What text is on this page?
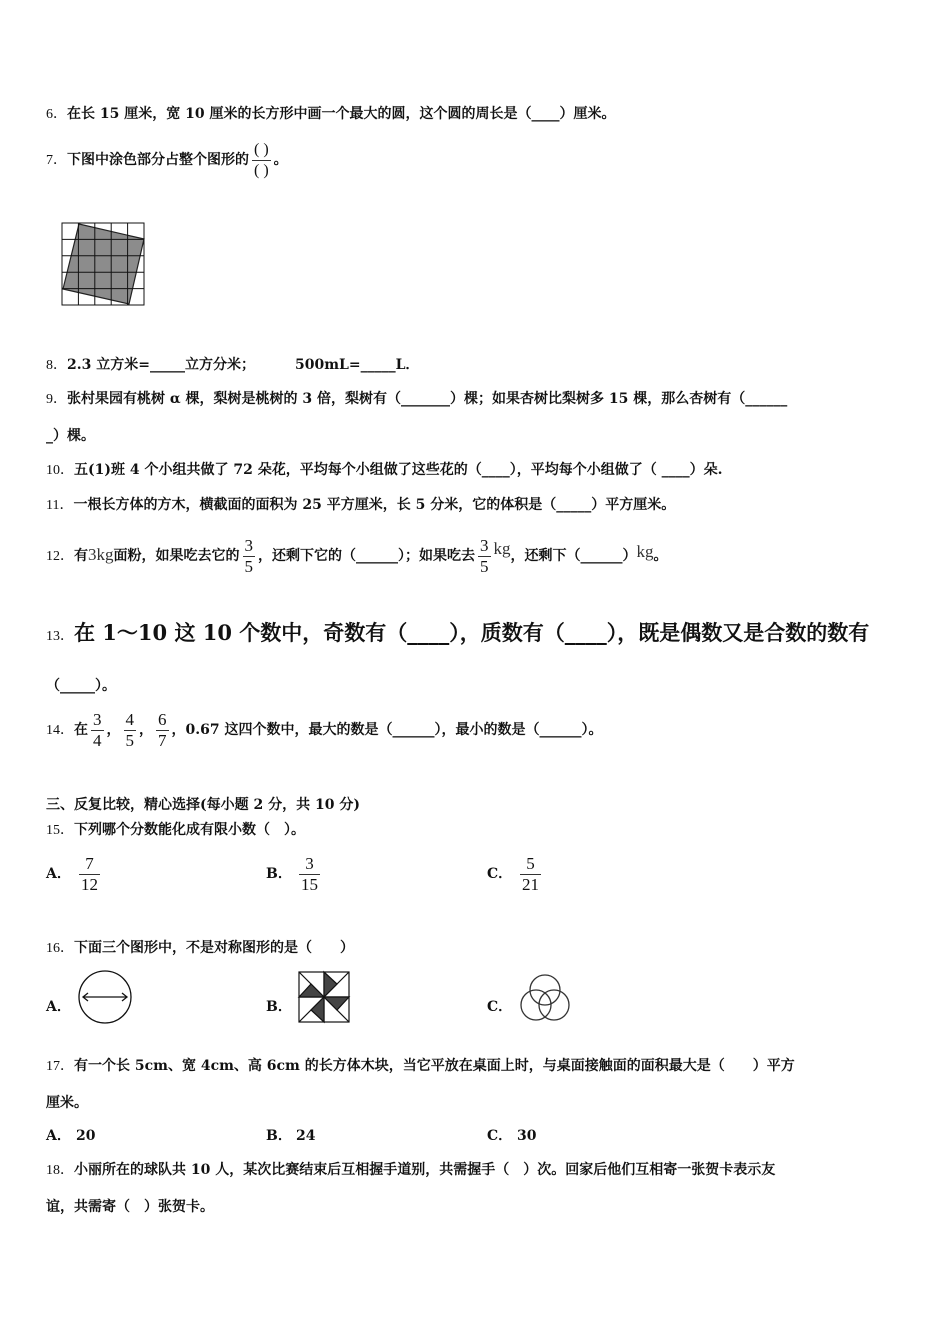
6．在长 15 厘米，宽 10 厘米的长方形中画一个最大的圆，这个圆的周长是（____）厘米。
7．下图中涂色部分占整个图形的 $\frac{( )}{( )}$ 。
8．2.3 立方米=_____立方分米；	500mL=_____L．
9．张村果园有桃树 α 棵，梨树是桃树的 3 倍，梨树有（_______）棵；如果杏树比梨树多 15 棵，那么杏树有（______
_）棵。
10．五(1)班 4 个小组共做了 72 朵花，平均每个小组做了这些花的（____），平均每个小组做了（ ____）朵.
11．一根长方体的方木，横截面的面积为 25 平方厘米，长 5 分米，它的体积是（_____）平方厘米。
12．有3kg面粉，如果吃去它的 $\frac{3}{5}$ ，还剩下它的（______）；如果吃去 $\frac{3}{5}$ kg，还剩下（______）kg。
13．在 1～10 这 10 个数中，奇数有（____），质数有（____），既是偶数又是合数的数有
（_____）。
14．在 $\frac{3}{4}$ ， $\frac{4}{5}$ ， $\frac{6}{7}$ ，0.67 这四个数中，最大的数是（______），最小的数是（______）。
三、反复比较，精心选择(每小题 2 分，共 10 分)
15．下列哪个分数能化成有限小数（　）。
A． $\frac{7}{12}$	B． $\frac{3}{15}$	C． $\frac{5}{21}$
16．下面三个图形中，不是对称图形的是（　　）
A．	B．	C．
17．有一个长 5cm、宽 4cm、高 6cm 的长方体木块，当它平放在桌面上时，与桌面接触面的面积最大是（　　）平方
厘米。
A． 20	B． 24	C． 30
18．小丽所在的球队共 10 人，某次比赛结束后互相握手道别，共需握手（　）次。回家后他们互相寄一张贺卡表示友
谊，共需寄（　）张贺卡。
